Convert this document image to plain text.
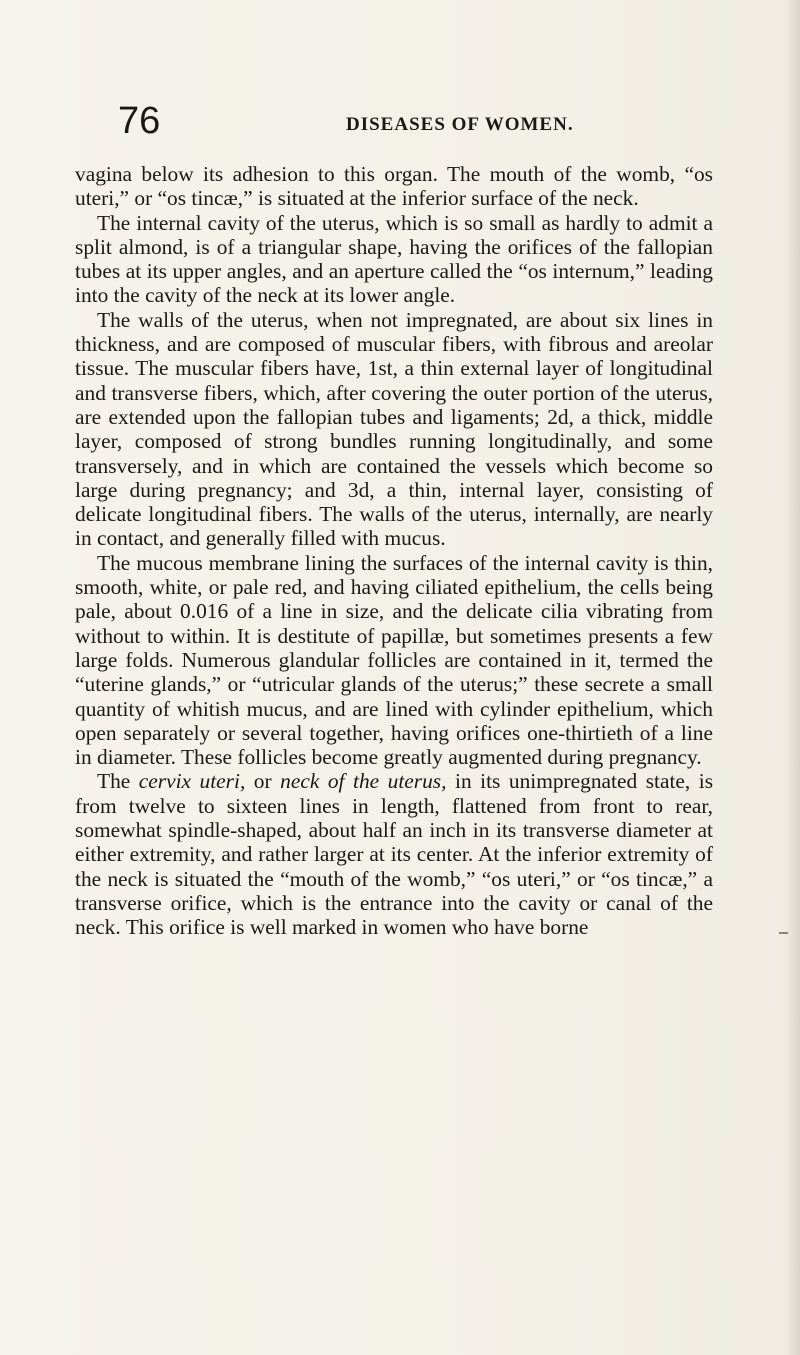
76	DISEASES OF WOMEN.

vagina below its adhesion to this organ. The mouth of the womb, “os uteri,” or “os tincæ,” is situated at the inferior surface of the neck.

The internal cavity of the uterus, which is so small as hardly to admit a split almond, is of a triangular shape, having the orifices of the fallopian tubes at its upper angles, and an aperture called the “os internum,” leading into the cavity of the neck at its lower angle.

The walls of the uterus, when not impregnated, are about six lines in thickness, and are composed of muscular fibers, with fibrous and areolar tissue. The muscular fibers have, 1st, a thin external layer of longitudinal and transverse fibers, which, after covering the outer portion of the uterus, are extended upon the fallopian tubes and ligaments; 2d, a thick, middle layer, composed of strong bundles running longitudinally, and some transversely, and in which are contained the vessels which become so large during pregnancy; and 3d, a thin, internal layer, consisting of delicate longitudinal fibers. The walls of the uterus, internally, are nearly in contact, and generally filled with mucus.

The mucous membrane lining the surfaces of the internal cavity is thin, smooth, white, or pale red, and having ciliated epithelium, the cells being pale, about 0.016 of a line in size, and the delicate cilia vibrating from without to within. It is destitute of papillæ, but sometimes presents a few large folds. Numerous glandular follicles are contained in it, termed the “uterine glands,” or “utricular glands of the uterus;” these secrete a small quantity of whitish mucus, and are lined with cylinder epithelium, which open separately or several together, having orifices one-thirtieth of a line in diameter. These follicles become greatly augmented during pregnancy.

The cervix uteri, or neck of the uterus, in its unimpregnated state, is from twelve to sixteen lines in length, flattened from front to rear, somewhat spindle-shaped, about half an inch in its transverse diameter at either extremity, and rather larger at its center. At the inferior extremity of the neck is situated the “mouth of the womb,” “os uteri,” or “os tincæ,” a transverse orifice, which is the entrance into the cavity or canal of the neck. This orifice is well marked in women who have borne
